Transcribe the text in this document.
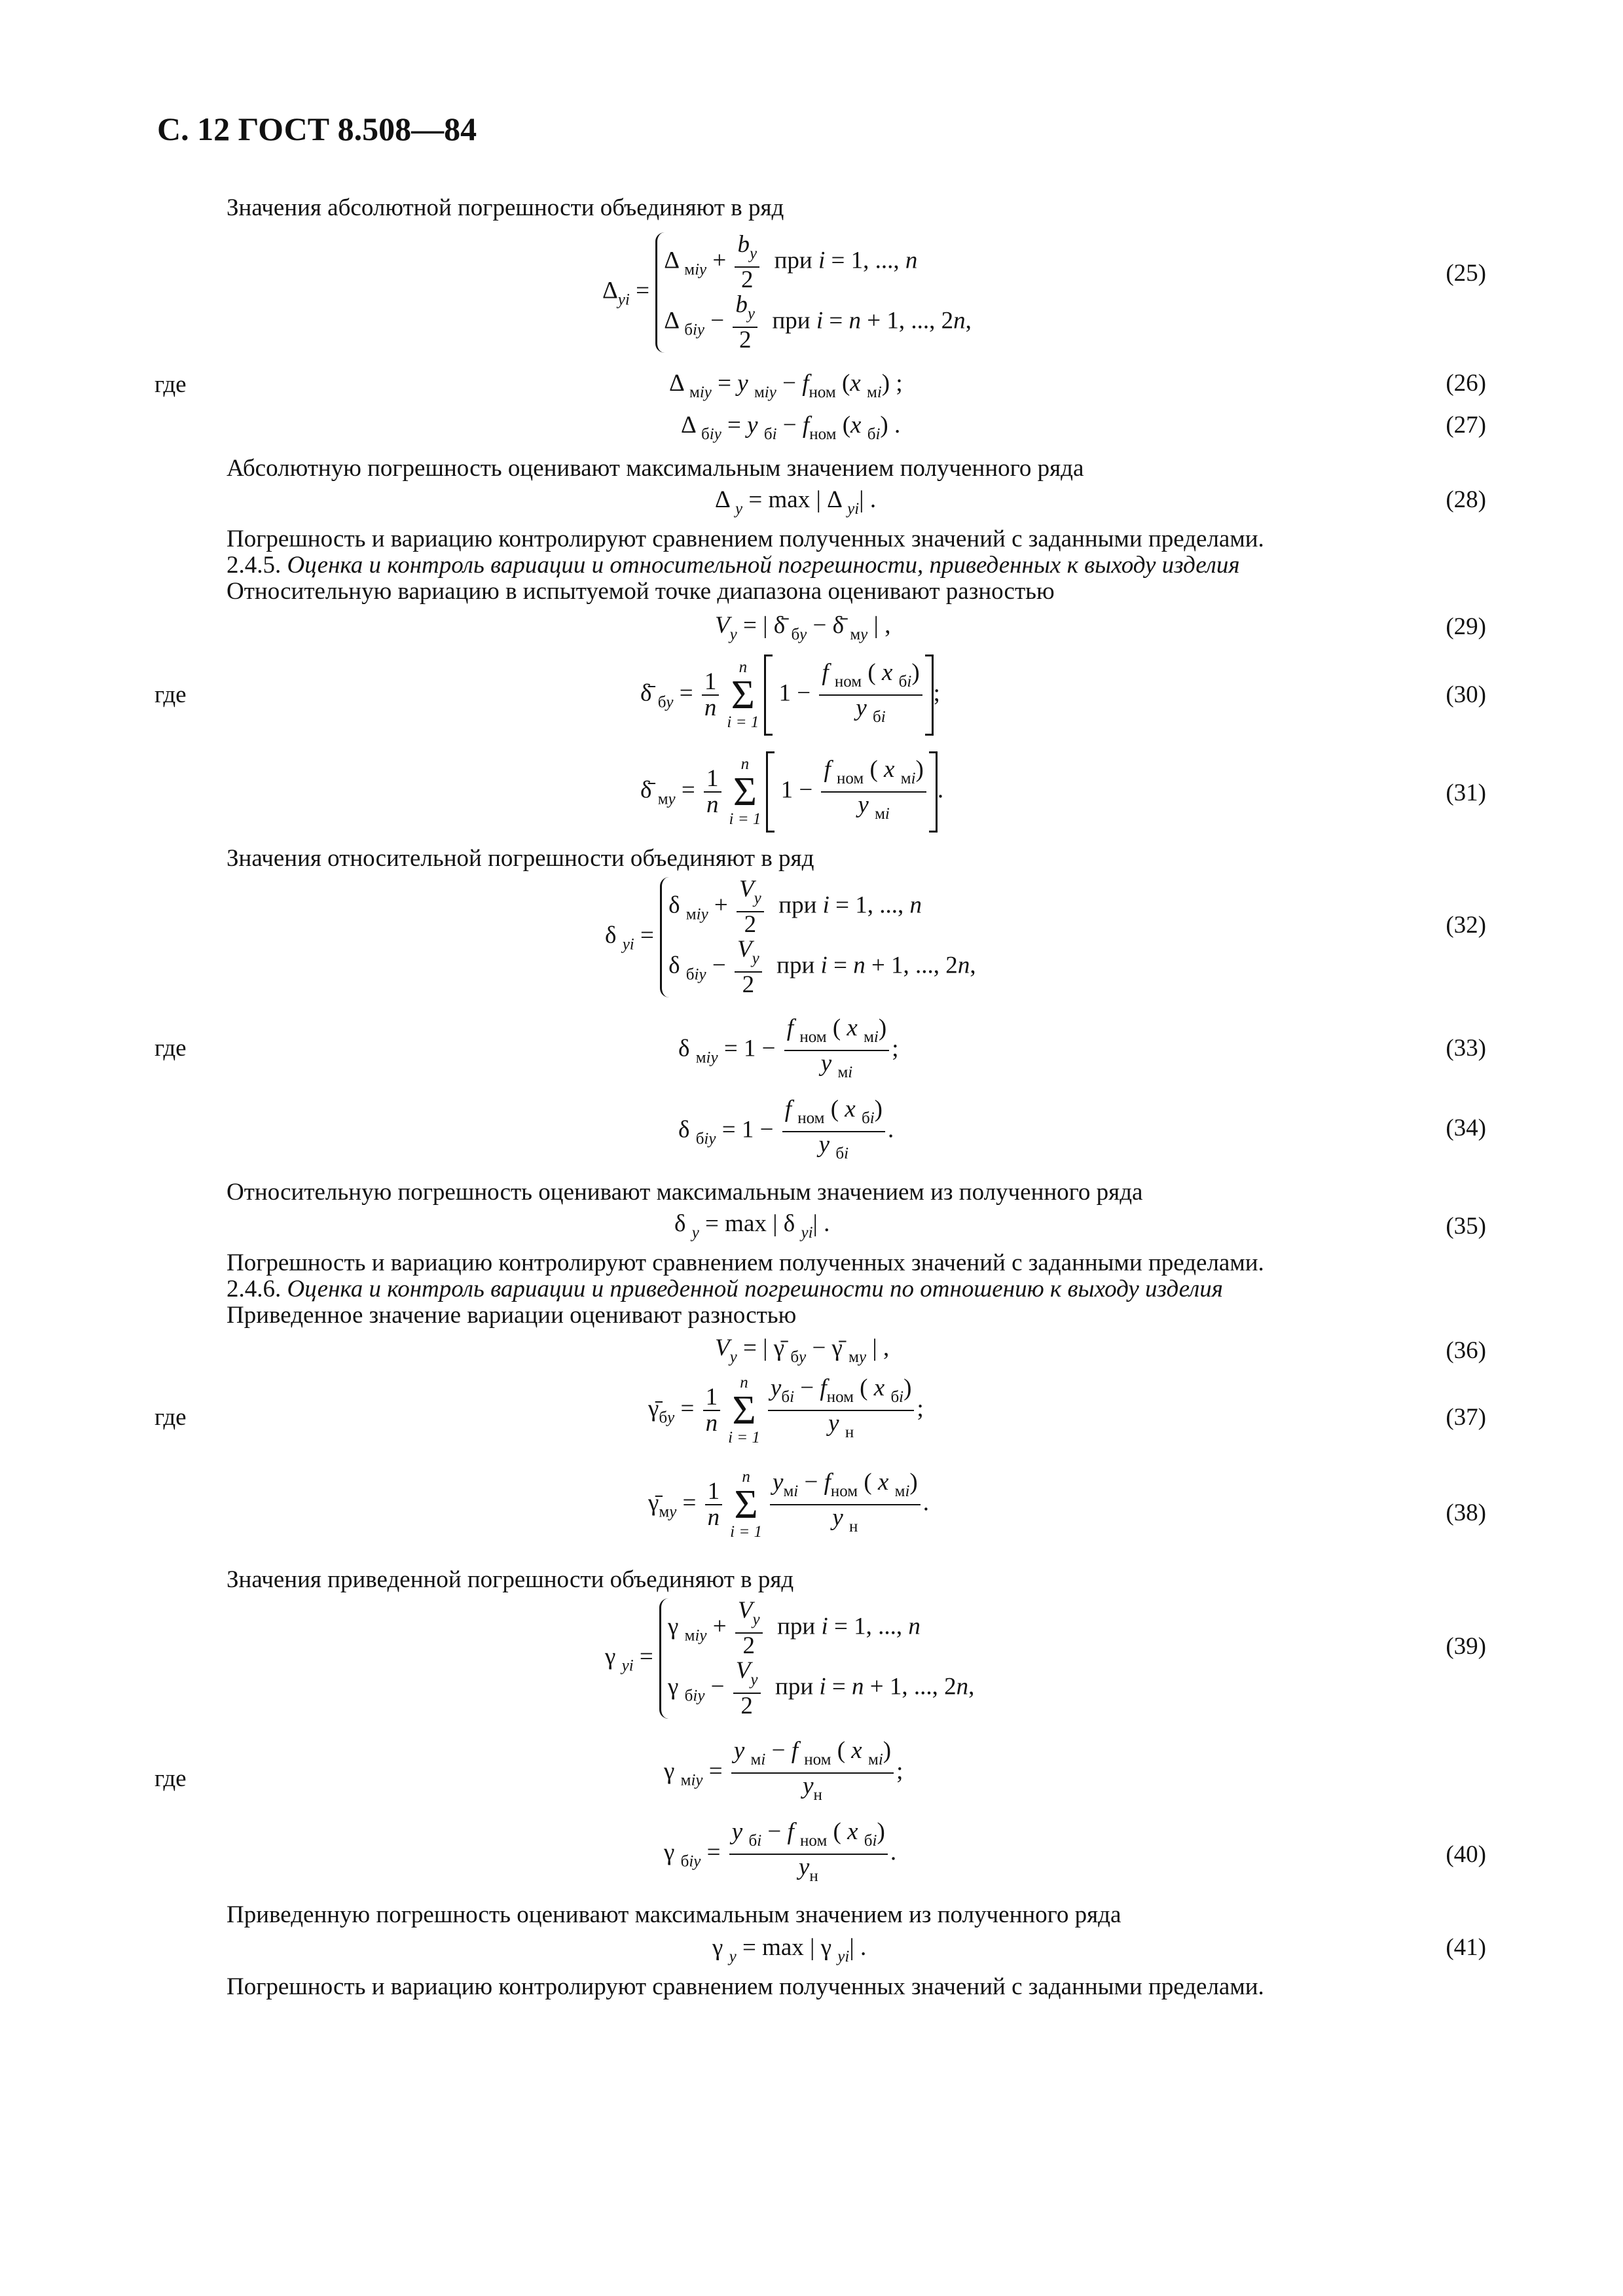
С. 12 ГОСТ 8.508—84
Значения абсолютной погрешности объединяют в ряд
$\Delta_{yi}$ =
Δ $_{мiy} + \frac{b_y}{2}$ при i = 1, ..., n
Δ $_{бiy} - \frac{b_y}{2}$ при i = n + 1, ..., 2n,
(25)
где	Δ $_{мiy}$ = y $_{мiy} - f_{ном}$ (x $_{мi}$) ;	(26)
Δ $_{бiy}$ = y $_{бi} - f_{ном}$ (x $_{бi}$) .	(27)
Абсолютную погрешность оценивают максимальным значением полученного ряда
Δ $_y$ = max | Δ $_{yi}$| .	(28)
Погрешность и вариацию контролируют сравнением полученных значений с заданными пределами.
2.4.5. Оценка и контроль вариации и относительной погрешности, приведенных к выходу изделия
Относительную вариацию в испытуемой точке диапазона оценивают разностью
$V_y$ = | δ̄ $_{бy}$ − δ̄ $_{мy}$ | ,	(29)
где	δ̄ $_{бy} = \frac{1}{n}$
n
Σ
i = 1
$1 - \frac{f _{ном} ( x _{бi})}{y _{бi}}$ ;	(30)
δ̄ $_{мy} = \frac{1}{n}$
n
Σ
i = 1
$1 - \frac{f _{ном} ( x _{мi})}{y _{мi}}$ .	(31)
Значения относительной погрешности объединяют в ряд
δ $_{yi}$ =
δ $_{мiy} + \frac{V_y}{2}$ при i = 1, ..., n
δ $_{бiy} - \frac{V_y}{2}$ при i = n + 1, ..., 2n,
(32)
где	δ $_{мiy} = 1 - \frac{f _{ном} ( x _{мi})}{y _{мi}}$ ;	(33)
δ $_{бiy} = 1 - \frac{f _{ном} ( x _{бi})}{y _{бi}}$ .	(34)
Относительную погрешность оценивают максимальным значением из полученного ряда
δ $_y$ = max | δ $_{yi}$| .	(35)
Погрешность и вариацию контролируют сравнением полученных значений с заданными пределами.
2.4.6. Оценка и контроль вариации и приведенной погрешности по отношению к выходу изделия
Приведенное значение вариации оценивают разностью
$V_y$ = | γ̄ $_{бy}$ − γ̄ $_{мy}$ | ,	(36)
где	$\gammā_{бy} = \frac{1}{n}$
n
Σ
$i = 1 \frac{y_{бi} - f_{ном} ( x _{бi})}{y _н}$ ;	(37)
$\gammā_{мy} = \frac{1}{n}$
n
Σ
$i = 1 \frac{y_{мi} - f_{ном} ( x _{мi})}{y _н}$ .	(38)
Значения приведенной погрешности объединяют в ряд
γ $_{yi}$ =
γ $_{мiy} + \frac{V_y}{2}$ при i = 1, ..., n
γ $_{бiy} - \frac{V_y}{2}$ при i = n + 1, ..., 2n,
(39)
где	γ $_{мiy} = \frac{y _{мi} - f _{ном} ( x _{мi})}{y_н}$ ;
γ $_{бiy} = \frac{y _{бi} - f _{ном} ( x _{бi})}{y_н}$ .	(40)
Приведенную погрешность оценивают максимальным значением из полученного ряда
γ $_y$ = max | γ $_{yi}$| .	(41)
Погрешность и вариацию контролируют сравнением полученных значений с заданными пределами.
